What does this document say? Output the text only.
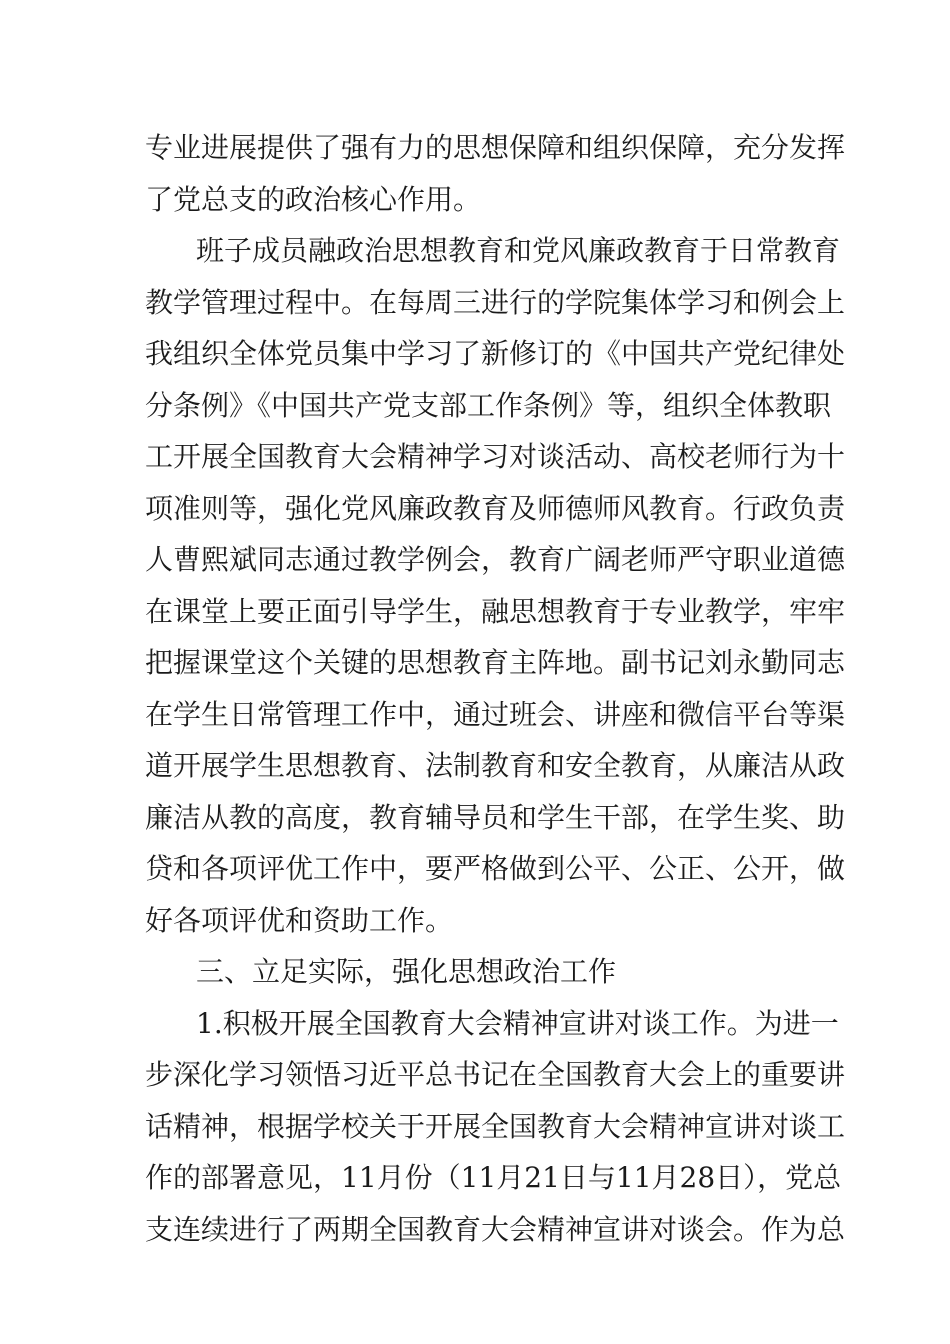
专业进展提供了强有力的思想保障和组织保障，充分发挥
了党总支的政治核心作用。
班子成员融政治思想教育和党风廉政教育于日常教育
教学管理过程中。在每周三进行的学院集体学习和例会上
我组织全体党员集中学习了新修订的《中国共产党纪律处
分条例》《中国共产党支部工作条例》等，组织全体教职
工开展全国教育大会精神学习对谈活动、高校老师行为十
项准则等，强化党风廉政教育及师德师风教育。行政负责
人曹熙斌同志通过教学例会，教育广阔老师严守职业道德
在课堂上要正面引导学生，融思想教育于专业教学，牢牢
把握课堂这个关键的思想教育主阵地。副书记刘永勤同志
在学生日常管理工作中，通过班会、讲座和微信平台等渠
道开展学生思想教育、法制教育和安全教育，从廉洁从政
廉洁从教的高度，教育辅导员和学生干部，在学生奖、助
贷和各项评优工作中，要严格做到公平、公正、公开，做
好各项评优和资助工作。
三、立足实际，强化思想政治工作
1.积极开展全国教育大会精神宣讲对谈工作。为进一
步深化学习领悟习近平总书记在全国教育大会上的重要讲
话精神，根据学校关于开展全国教育大会精神宣讲对谈工
作的部署意见，11月份（11月21日与11月28日），党总
支连续进行了两期全国教育大会精神宣讲对谈会。作为总
